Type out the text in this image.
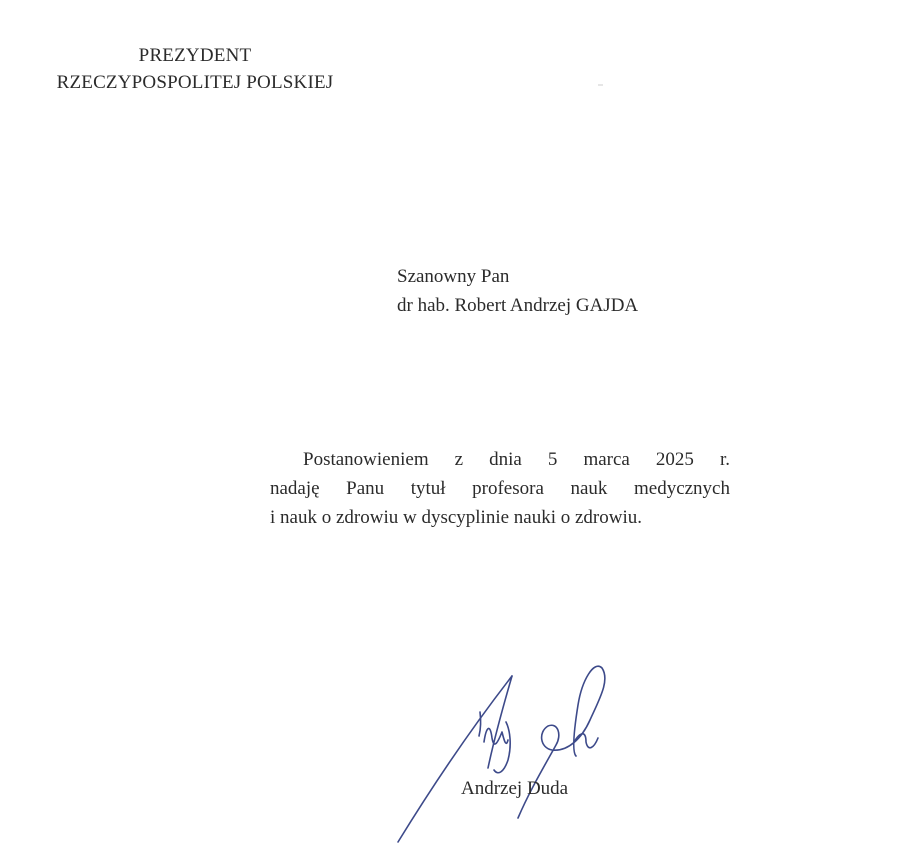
PREZYDENT
RZECZYPOSPOLITEJ POLSKIEJ
Szanowny Pan
dr hab. Robert Andrzej GAJDA
Postanowieniem z dnia 5 marca 2025 r.
nadaję Panu tytuł profesora nauk medycznych
i nauk o zdrowiu w dyscyplinie nauki o zdrowiu.
Andrzej Duda
